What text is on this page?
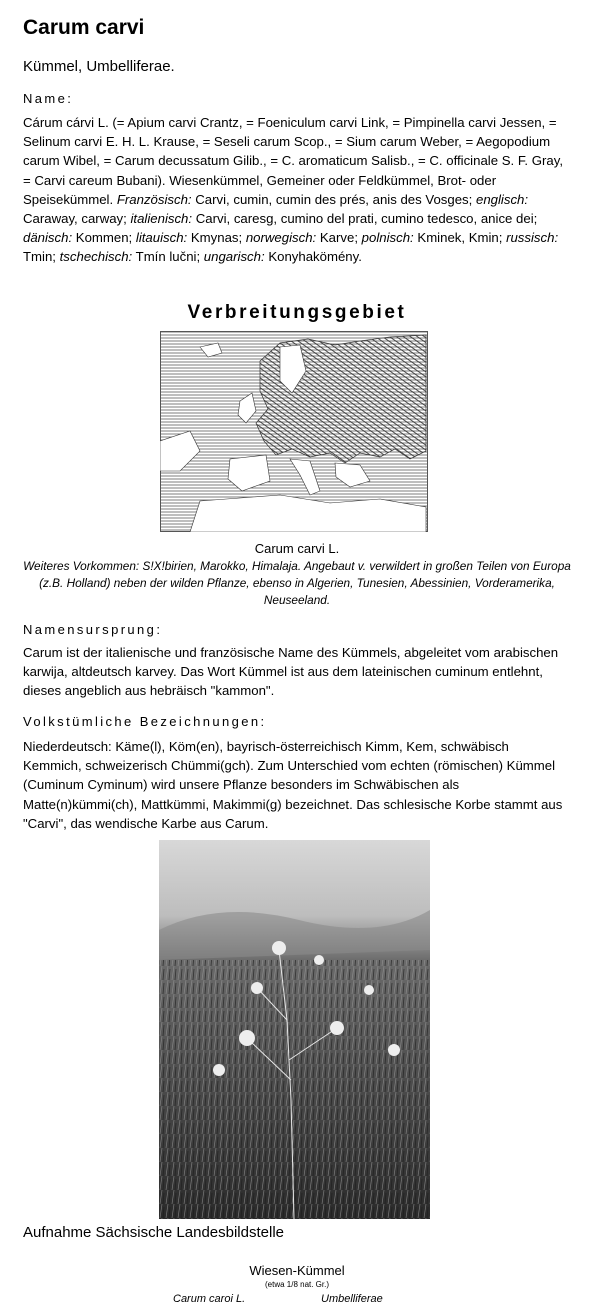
Carum carvi
Kümmel, Umbelliferae.
Name:
Cárum cárvi L. (= Apium carvi Crantz, = Foeniculum carvi Link, = Pimpinella carvi Jessen, = Selinum carvi E. H. L. Krause, = Seseli carum Scop., = Sium carum Weber, = Aegopodium carum Wibel, = Carum decussatum Gilib., = C. aromaticum Salisb., = C. officinale S. F. Gray, = Carvi careum Bubani). Wiesenkümmel, Gemeiner oder Feldkümmel, Brot- oder Speisekümmel. Französisch: Carvi, cumin, cumin des prés, anis des Vosges; englisch: Caraway, carway; italienisch: Carvi, caresg, cumino del prati, cumino tedesco, anice dei; dänisch: Kommen; litauisch: Kmynas; norwegisch: Karve; polnisch: Kminek, Kmin; russisch: Tmin; tschechisch: Tmín lučni; ungarisch: Konyhakömény.
Verbreitungsgebiet
Carum carvi L.
Weiteres Vorkommen: S!X!birien, Marokko, Himalaja. Angebaut v. verwildert in großen Teilen von Europa (z.B. Holland) neben der wilden Pflanze, ebenso in Algerien, Tunesien, Abessinien, Vorderamerika, Neuseeland.
Namensursprung:
Carum ist der italienische und französische Name des Kümmels, abgeleitet vom arabischen karwija, altdeutsch karvey. Das Wort Kümmel ist aus dem lateinischen cuminum entlehnt, dieses angeblich aus hebräisch "kammon".
Volkstümliche Bezeichnungen:
Niederdeutsch: Käme(l), Köm(en), bayrisch-österreichisch Kimm, Kem, schwäbisch Kemmich, schweizerisch Chümmi(gch). Zum Unterschied vom echten (römischen) Kümmel (Cuminum Cyminum) wird unsere Pflanze besonders im Schwäbischen als Matte(n)kümmi(ch), Mattkümmi, Makimmi(g) bezeichnet. Das schlesische Korbe stammt aus "Carvi", das wendische Karbe aus Carum.
Aufnahme Sächsische Landesbildstelle
Wiesen-Kümmel
(etwa 1/8 nat. Gr.)
Carum caroi L.	Umbelliferae
